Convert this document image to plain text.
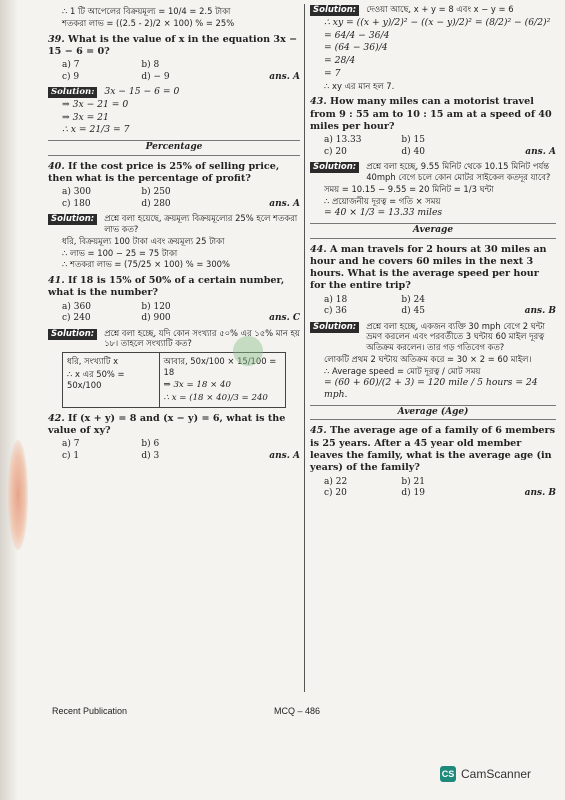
∴ 1 টি আপেলের বিক্রয়মূল্য = 10/4 = 2.5 টাকা
শতকরা লাভ = ((2.5 - 2)/2 × 100) % = 25%
39. What is the value of x in the equation 3x − 15 − 6 = 0?
a) 7	b) 8
c) 9	d) − 9	ans. A
Solution:	3x − 15 − 6 = 0
⇒ 3x − 21 = 0
⇒ 3x = 21
∴ x = 21/3 = 7
Percentage
40. If the cost price is 25% of selling price, then what is the percentage of profit?
a) 300	b) 250
c) 180	d) 280	ans. A
Solution:	প্রশ্নে বলা হয়েছে, ক্রয়মূল্য বিক্রয়মূল্যের 25% হলে শতকরা লাভ কত?
ধরি, বিক্রয়মূল্য 100 টাকা এবং ক্রয়মূল্য 25 টাকা
∴ লাভ = 100 − 25 = 75 টাকা
∴ শতকরা লাভ = (75/25 × 100) % = 300%
41. If 18 is 15% of 50% of a certain number, what is the number?
a) 360	b) 120
c) 240	d) 900	ans. C
Solution:	প্রশ্নে বলা হচ্ছে, যদি কোন সংখ্যার ৫০% এর ১৫% মান হয় ১৮। তাহলে সংখ্যাটি কত?
ধরি, সংখ্যাটি x
∴ x এর 50% = 50x/100
আবার, 50x/100 × 15/100 = 18
⇒ 3x = 18 × 40
∴ x = (18 × 40)/3 = 240
42. If (x + y) = 8 and (x − y) = 6, what is the value of xy?
a) 7	b) 6
c) 1	d) 3	ans. A
Solution:	দেওয়া আছে, x + y = 8 এবং x − y = 6
∴ xy = ((x + y)/2)² − ((x − y)/2)² = (8/2)² − (6/2)²
= 64/4 − 36/4
= (64 − 36)/4
= 28/4
= 7
∴ xy এর মান হল 7.
43. How many miles can a motorist travel from 9 : 55 am to 10 : 15 am at a speed of 40 miles per hour?
a) 13.33	b) 15
c) 20	d) 40	ans. A
Solution:	প্রশ্নে বলা হচ্ছে, 9.55 মিনিট থেকে 10.15 মিনিট পর্যন্ত 40mph বেগে চলে কোন মোটর সাইকেল কতদূর যাবে?
সময় = 10.15 − 9.55 = 20 মিনিট = 1/3 ঘন্টা
∴ প্রয়োজনীয় দূরত্ব = গতি × সময়
= 40 × 1/3 = 13.33 miles
Average
44. A man travels for 2 hours at 30 miles an hour and he covers 60 miles in the next 3 hours. What is the average speed per hour for the entire trip?
a) 18	b) 24
c) 36	d) 45	ans. B
Solution:	প্রশ্নে বলা হচ্ছে, একজন ব্যক্তি 30 mph বেগে 2 ঘন্টা ভ্রমণ করলেন এবং পরবর্তীতে 3 ঘন্টায় 60 মাইল দূরত্ব অতিক্রম করলেন। তার গড় গতিবেগ কত?
লোকটি প্রথম 2 ঘন্টায় অতিক্রম করে = 30 × 2 = 60 মাইল।
∴ Average speed = মোট দূরত্ব / মোট সময়
= (60 + 60)/(2 + 3) = 120 mile / 5 hours = 24 mph.
Average (Age)
45. The average age of a family of 6 members is 25 years. After a 45 year old member leaves the family, what is the average age (in years) of the family?
a) 22	b) 21
c) 20	d) 19	ans. B
Recent Publication	MCQ – 486
CS CamScanner
